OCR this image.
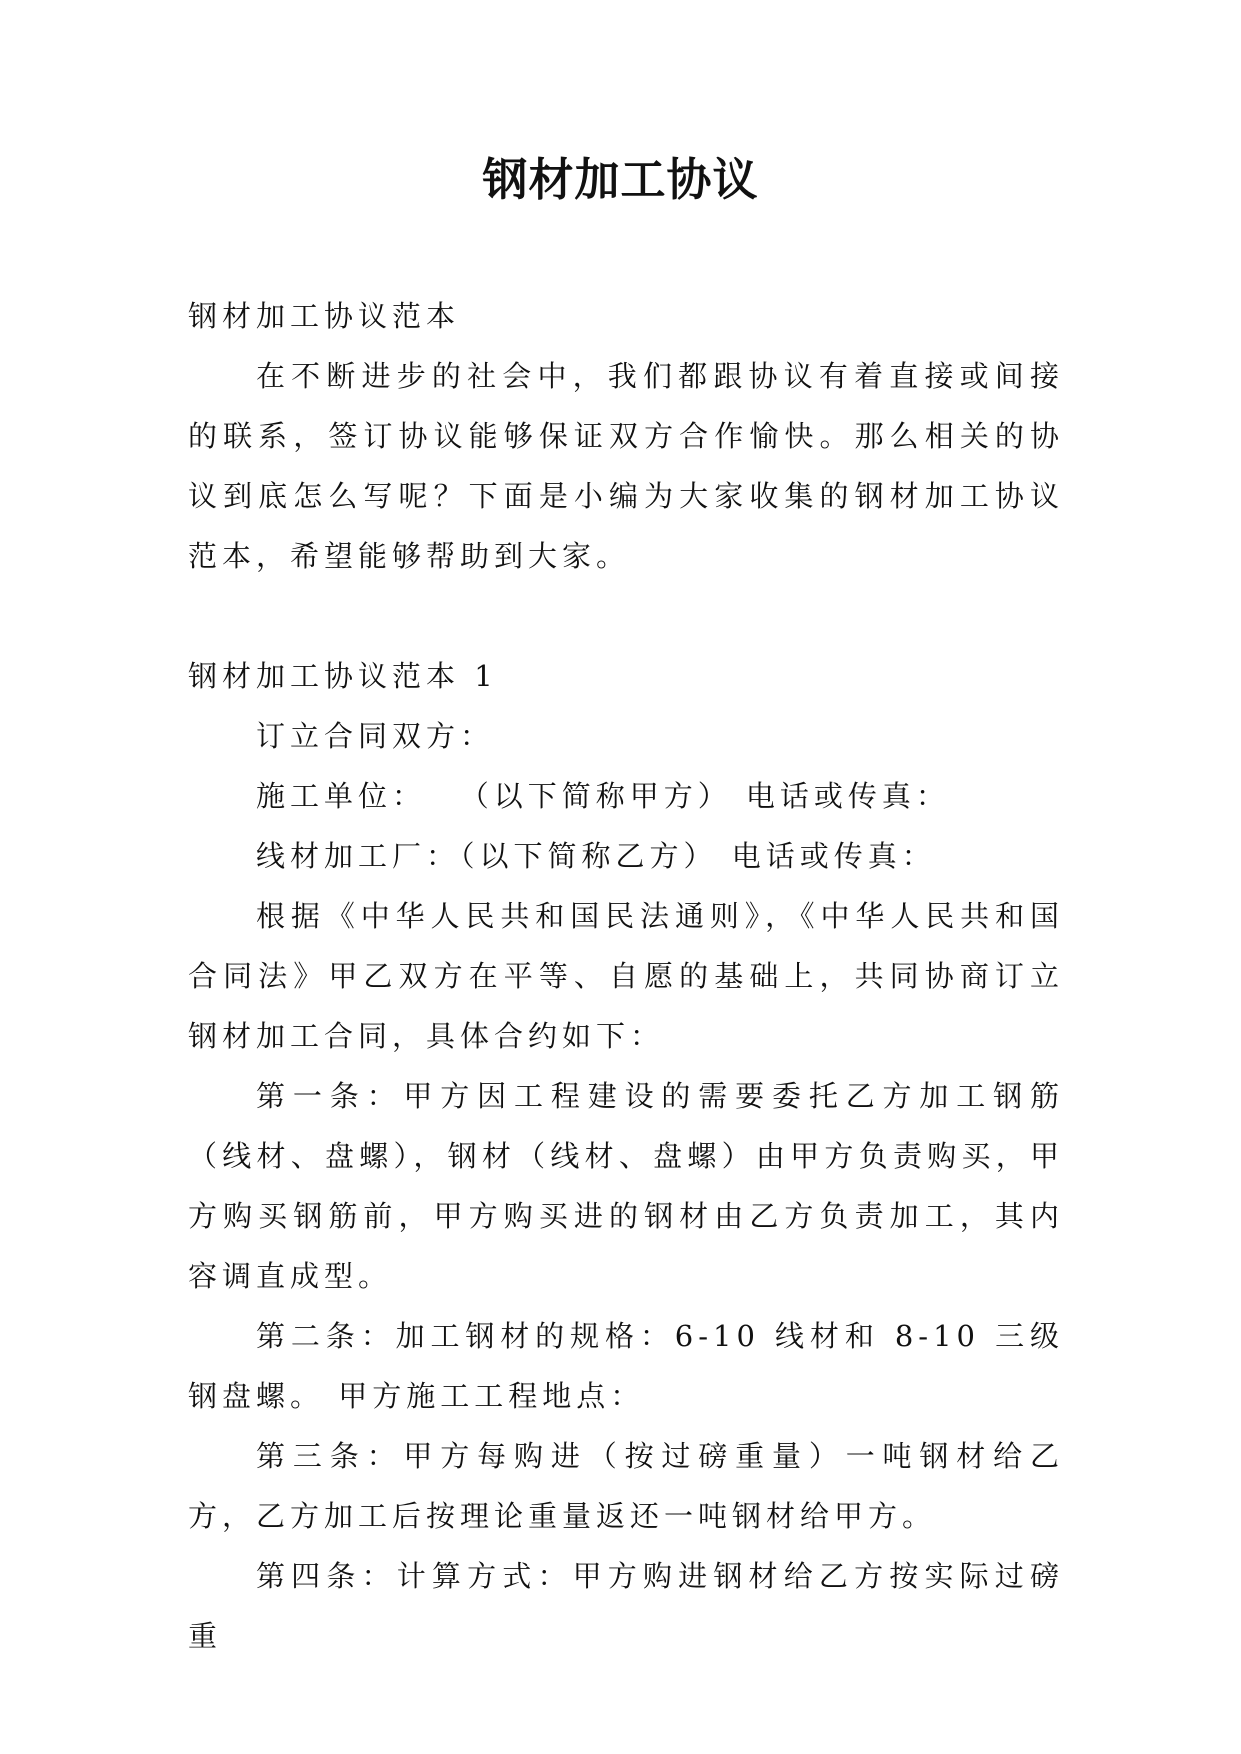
钢材加工协议

钢材加工协议范本

在不断进步的社会中，我们都跟协议有着直接或间接的联系，签订协议能够保证双方合作愉快。那么相关的协议到底怎么写呢？下面是小编为大家收集的钢材加工协议范本，希望能够帮助到大家。

钢材加工协议范本 1

订立合同双方：

施工单位：　 （以下简称甲方） 电话或传真：

线材加工厂：（以下简称乙方） 电话或传真：

根据《中华人民共和国民法通则》，《中华人民共和国合同法》甲乙双方在平等、自愿的基础上，共同协商订立钢材加工合同，具体合约如下：

第一条：甲方因工程建设的需要委托乙方加工钢筋（线材、盘螺），钢材（线材、盘螺）由甲方负责购买，甲方购买钢筋前，甲方购买进的钢材由乙方负责加工，其内容调直成型。

第二条：加工钢材的规格：6-10 线材和 8-10 三级钢盘螺。 甲方施工工程地点：

第三条：甲方每购进（按过磅重量）一吨钢材给乙方，乙方加工后按理论重量返还一吨钢材给甲方。

第四条：计算方式：甲方购进钢材给乙方按实际过磅重
